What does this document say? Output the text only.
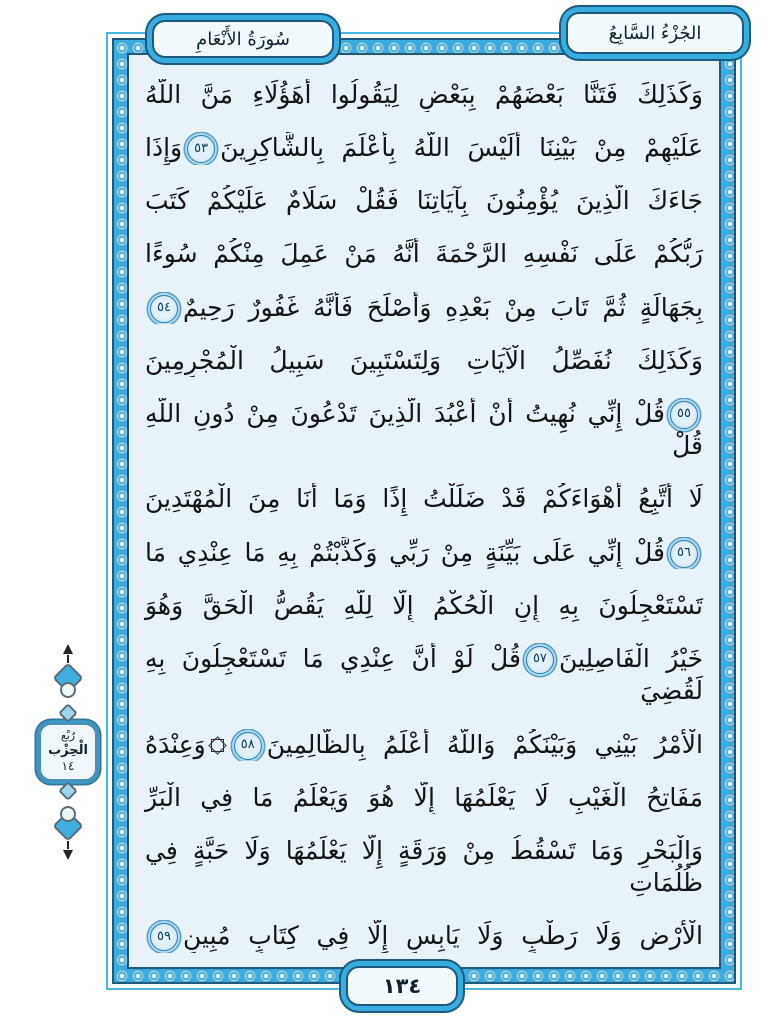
وَكَذَلِكَ فَتَنَّا بَعْضَهُمْ بِبَعْضٍ لِيَقُولُوا أَهَؤُلَاءِ مَنَّ اللَّهُ
عَلَيْهِمْ مِنْ بَيْنِنَا أَلَيْسَ اللَّهُ بِأَعْلَمَ بِالشَّاكِرِينَ٥٣وَإِذَا
جَاءَكَ الَّذِينَ يُؤْمِنُونَ بِآيَاتِنَا فَقُلْ سَلَامٌ عَلَيْكُمْ كَتَبَ
رَبُّكُمْ عَلَى نَفْسِهِ الرَّحْمَةَ أَنَّهُ مَنْ عَمِلَ مِنْكُمْ سُوءًا
بِجَهَالَةٍ ثُمَّ تَابَ مِنْ بَعْدِهِ وَأَصْلَحَ فَأَنَّهُ غَفُورٌ رَحِيمٌ٥٤
وَكَذَلِكَ نُفَصِّلُ الْآيَاتِ وَلِتَسْتَبِينَ سَبِيلُ الْمُجْرِمِينَ
٥٥قُلْ إِنِّي نُهِيتُ أَنْ أَعْبُدَ الَّذِينَ تَدْعُونَ مِنْ دُونِ اللَّهِ قُلْ
لَا أَتَّبِعُ أَهْوَاءَكُمْ قَدْ ضَلَلْتُ إِذًا وَمَا أَنَا مِنَ الْمُهْتَدِينَ
٥٦قُلْ إِنِّي عَلَى بَيِّنَةٍ مِنْ رَبِّي وَكَذَّبْتُمْ بِهِ مَا عِنْدِي مَا
تَسْتَعْجِلُونَ بِهِ إِنِ الْحُكْمُ إِلَّا لِلَّهِ يَقُصُّ الْحَقَّ وَهُوَ
خَيْرُ الْفَاصِلِينَ٥٧قُلْ لَوْ أَنَّ عِنْدِي مَا تَسْتَعْجِلُونَ بِهِ لَقُضِيَ
الْأَمْرُ بَيْنِي وَبَيْنَكُمْ وَاللَّهُ أَعْلَمُ بِالظَّالِمِينَ٥٨
وَعِنْدَهُ
مَفَاتِحُ الْغَيْبِ لَا يَعْلَمُهَا إِلَّا هُوَ وَيَعْلَمُ مَا فِي الْبَرِّ
وَالْبَحْرِ وَمَا تَسْقُطُ مِنْ وَرَقَةٍ إِلَّا يَعْلَمُهَا وَلَا حَبَّةٍ فِي ظُلُمَاتِ
الْأَرْضِ وَلَا رَطْبٍ وَلَا يَابِسٍ إِلَّا فِي كِتَابٍ مُبِينٍ٥٩
الجُزْءُ السَّابِعُ
سُورَةُ الأَنْعَامِ
١٣٤
رُبْع
الْحِزْب
١٤
